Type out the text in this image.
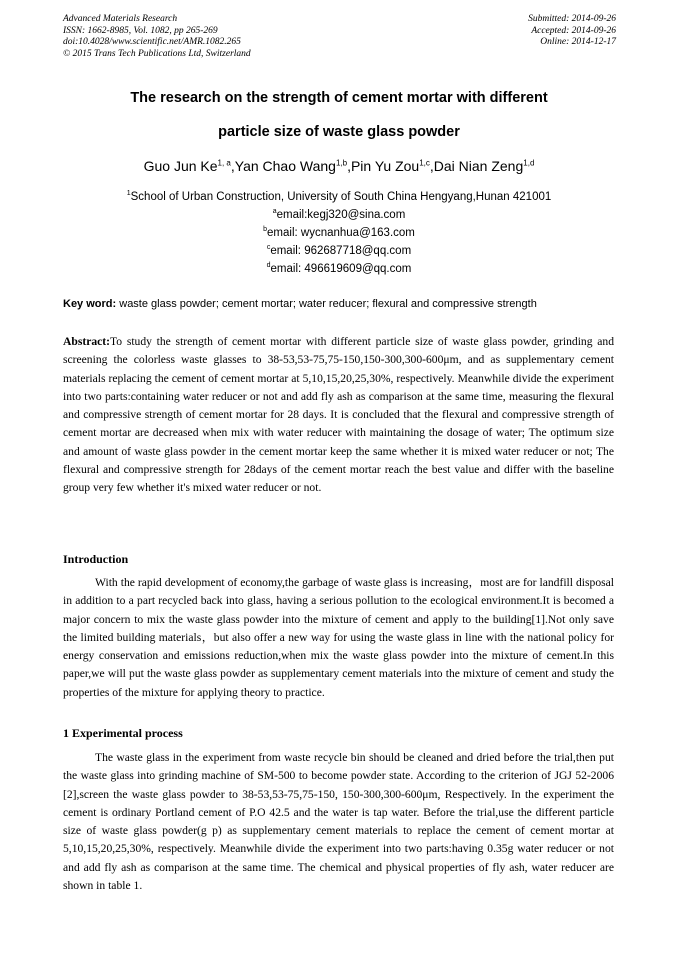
Advanced Materials Research
ISSN: 1662-8985, Vol. 1082, pp 265-269
doi:10.4028/www.scientific.net/AMR.1082.265
© 2015 Trans Tech Publications Ltd, Switzerland
Submitted: 2014-09-26
Accepted: 2014-09-26
Online: 2014-12-17
The research on the strength of cement mortar with different
particle size of waste glass powder
Guo Jun Ke$^{1, a}$,Yan Chao Wang$^{1,b}$,Pin Yu Zou$^{1,c}$,Dai Nian Zeng$^{1,d}$
$^1$School of Urban Construction, University of South China Hengyang,Hunan 421001
$^a$email:kegj320@sina.com
$^b$email: wycnanhua@163.com
$^c$email: 962687718@qq.com
$^d$email: 496619609@qq.com
Key word: waste glass powder; cement mortar; water reducer; flexural and compressive strength

Abstract:To study the strength of cement mortar with different particle size of waste glass powder, grinding and screening the colorless waste glasses to 38-53,53-75,75-150,150-300,300-600μm, and as supplementary cement materials replacing the cement of cement mortar at 5,10,15,20,25,30%, respectively. Meanwhile divide the experiment into two parts:containing water reducer or not and add fly ash as comparison at the same time, measuring the flexural and compressive strength of cement mortar for 28 days. It is concluded that the flexural and compressive strength of cement mortar are decreased when mix with water reducer with maintaining the dosage of water; The optimum size and amount of waste glass powder in the cement mortar keep the same whether it is mixed water reducer or not; The flexural and compressive strength for 28days of the cement mortar reach the best value and differ with the baseline group very few whether it's mixed water reducer or not.

Introduction

With the rapid development of economy,the garbage of waste glass is increasing，most are for landfill disposal in addition to a part recycled back into glass, having a serious pollution to the ecological environment.It is becomed a major concern to mix the waste glass powder into the mixture of cement and apply to the building[1].Not only save the limited building materials，but also offer a new way for using the waste glass in line with the national policy for energy conservation and emissions reduction,when mix the waste glass powder into the mixture of cement.In this paper,we will put the waste glass powder as supplementary cement materials into the mixture of cement and study the properties of the mixture for applying theory to practice.

1 Experimental process

The waste glass in the experiment from waste recycle bin should be cleaned and dried before the trial,then put the waste glass into grinding machine of SM-500 to become powder state. According to the criterion of JGJ 52-2006 [2],screen the waste glass powder to 38-53,53-75,75-150, 150-300,300-600μm, Respectively. In the experiment the cement is ordinary Portland cement of P.O 42.5 and the water is tap water. Before the trial,use the different particle size of waste glass powder(g p) as supplementary cement materials to replace the cement of cement mortar at 5,10,15,20,25,30%, respectively. Meanwhile divide the experiment into two parts:having 0.35g water reducer or not and add fly ash as comparison at the same time. The chemical and physical properties of fly ash, water reducer are shown in table 1.
